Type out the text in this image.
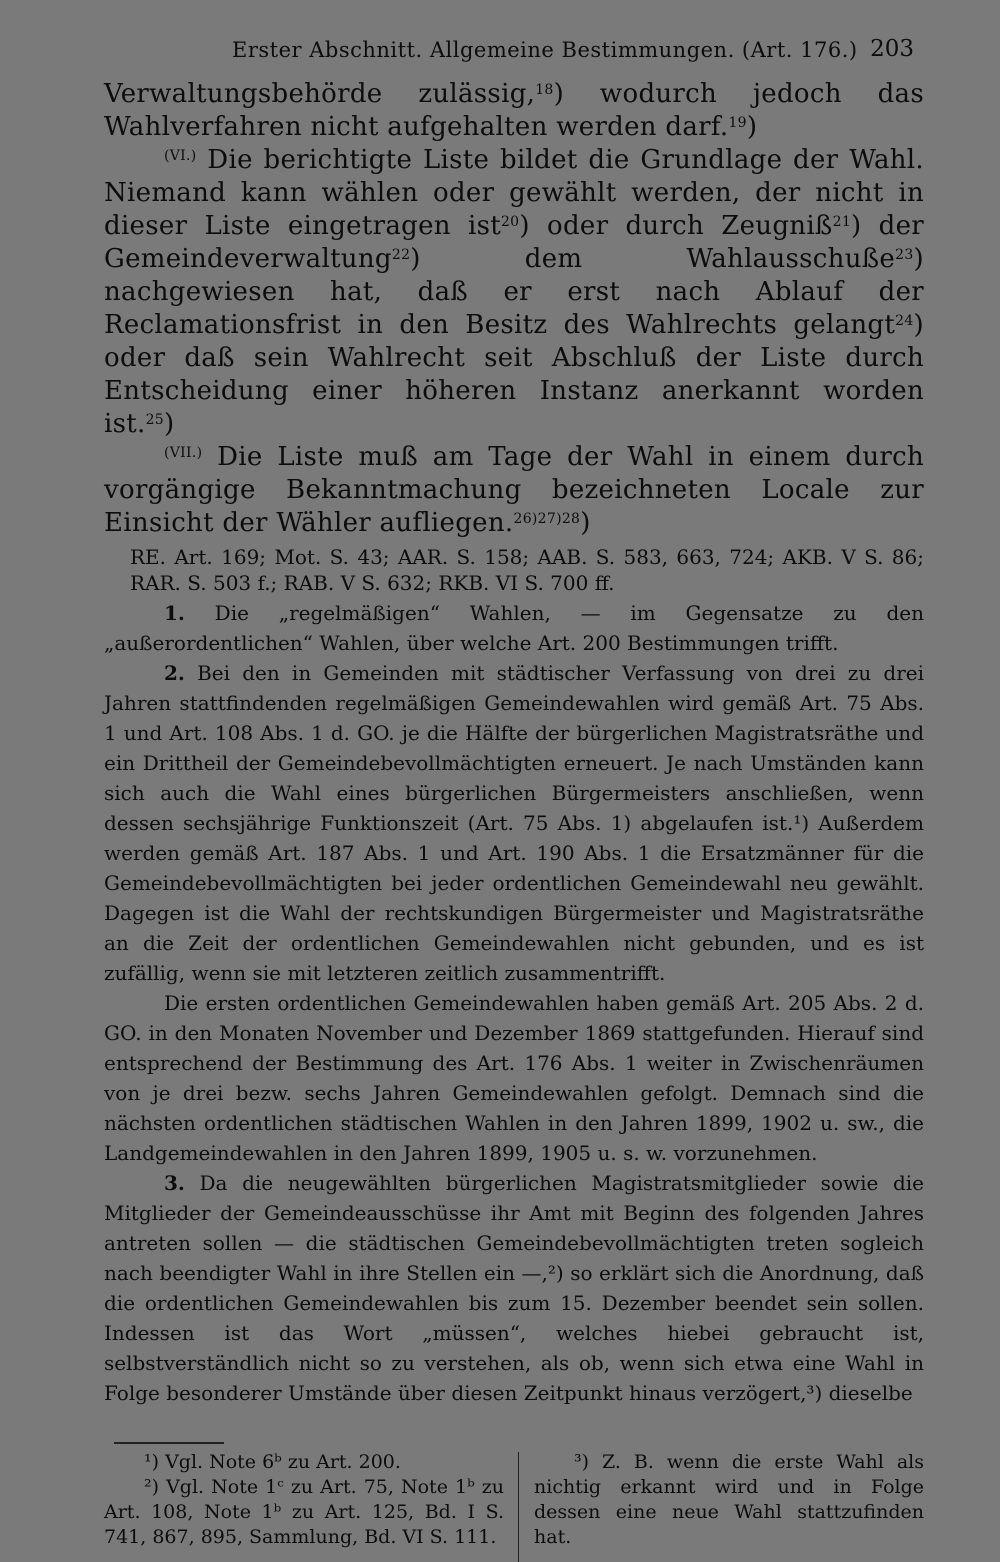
Erster Abschnitt. Allgemeine Bestimmungen. (Art. 176.) 203

Verwaltungsbehörde zulässig,$^{18}$) wodurch jedoch das Wahlverfahren nicht aufgehalten werden darf.$^{19}$)

$^{(VI.)}$ Die berichtigte Liste bildet die Grundlage der Wahl. Niemand kann wählen oder gewählt werden, der nicht in dieser Liste eingetragen ist$^{20}$) oder durch Zeugniß$^{21}$) der Gemeindeverwaltung$^{22}$) dem Wahlausschuße$^{23}$) nachgewiesen hat, daß er erst nach Ablauf der Reclamationsfrist in den Besitz des Wahlrechts gelangt$^{24}$) oder daß sein Wahlrecht seit Abschluß der Liste durch Entscheidung einer höheren Instanz anerkannt worden ist.$^{25}$)

$^{(VII.)}$ Die Liste muß am Tage der Wahl in einem durch vorgängige Bekanntmachung bezeichneten Locale zur Einsicht der Wähler aufliegen.$^{26)27)28}$)

RE. Art. 169; Mot. S. 43; AAR. S. 158; AAB. S. 583, 663, 724; AKB. V S. 86; RAR. S. 503 f.; RAB. V S. 632; RKB. VI S. 700 ff.

1. Die „regelmäßigen“ Wahlen, — im Gegensatze zu den „außerordentlichen“ Wahlen, über welche Art. 200 Bestimmungen trifft.

2. Bei den in Gemeinden mit städtischer Verfassung von drei zu drei Jahren stattfindenden regelmäßigen Gemeindewahlen wird gemäß Art. 75 Abs. 1 und Art. 108 Abs. 1 d. GO. je die Hälfte der bürgerlichen Magistratsräthe und ein Drittheil der Gemeindebevollmächtigten erneuert. Je nach Umständen kann sich auch die Wahl eines bürgerlichen Bürgermeisters anschließen, wenn dessen sechsjährige Funktionszeit (Art. 75 Abs. 1) abgelaufen ist.¹) Außerdem werden gemäß Art. 187 Abs. 1 und Art. 190 Abs. 1 die Ersatzmänner für die Gemeindebevollmächtigten bei jeder ordentlichen Gemeindewahl neu gewählt. Dagegen ist die Wahl der rechtskundigen Bürgermeister und Magistratsräthe an die Zeit der ordentlichen Gemeindewahlen nicht gebunden, und es ist zufällig, wenn sie mit letzteren zeitlich zusammentrifft.

Die ersten ordentlichen Gemeindewahlen haben gemäß Art. 205 Abs. 2 d. GO. in den Monaten November und Dezember 1869 stattgefunden. Hierauf sind entsprechend der Bestimmung des Art. 176 Abs. 1 weiter in Zwischenräumen von je drei bezw. sechs Jahren Gemeindewahlen gefolgt. Demnach sind die nächsten ordentlichen städtischen Wahlen in den Jahren 1899, 1902 u. sw., die Landgemeindewahlen in den Jahren 1899, 1905 u. s. w. vorzunehmen.

3. Da die neugewählten bürgerlichen Magistratsmitglieder sowie die Mitglieder der Gemeindeausschüsse ihr Amt mit Beginn des folgenden Jahres antreten sollen — die städtischen Gemeindebevollmächtigten treten sogleich nach beendigter Wahl in ihre Stellen ein —,²) so erklärt sich die Anordnung, daß die ordentlichen Gemeindewahlen bis zum 15. Dezember beendet sein sollen. Indessen ist das Wort „müssen“, welches hiebei gebraucht ist, selbstverständlich nicht so zu verstehen, als ob, wenn sich etwa eine Wahl in Folge besonderer Umstände über diesen Zeitpunkt hinaus verzögert,³) dieselbe

¹) Vgl. Note 6ᵇ zu Art. 200.

²) Vgl. Note 1ᶜ zu Art. 75, Note 1ᵇ zu Art. 108, Note 1ᵇ zu Art. 125, Bd. I S. 741, 867, 895, Sammlung, Bd. VI S. 111.

³) Z. B. wenn die erste Wahl als nichtig erkannt wird und in Folge dessen eine neue Wahl stattzufinden hat.
